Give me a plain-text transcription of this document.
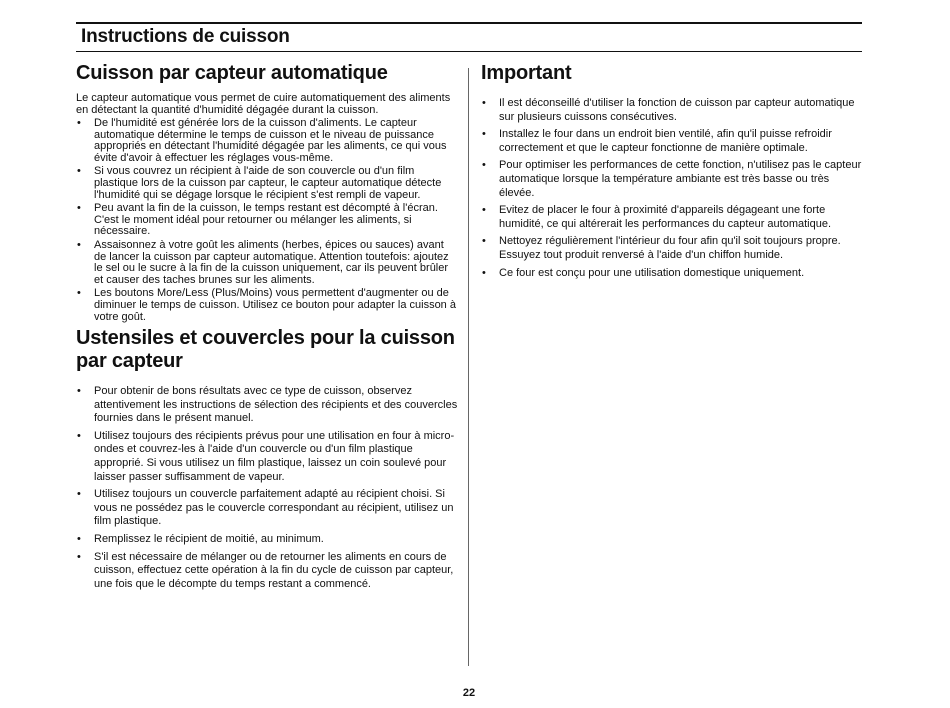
Instructions de cuisson
Cuisson par capteur automatique

Le capteur automatique vous permet de cuire automatiquement des aliments en détectant la quantité d'humidité dégagée durant la cuisson.

• De l'humidité est générée lors de la cuisson d'aliments. Le capteur automatique détermine le temps de cuisson et le niveau de puissance appropriés en détectant l'humidité dégagée par les aliments, ce qui vous évite d'avoir à effectuer les réglages vous-même.
• Si vous couvrez un récipient à l'aide de son couvercle ou d'un film plastique lors de la cuisson par capteur, le capteur automatique détecte l'humidité qui se dégage lorsque le récipient s'est rempli de vapeur.
• Peu avant la fin de la cuisson, le temps restant est décompté à l'écran. C'est le moment idéal pour retourner ou mélanger les aliments, si nécessaire.
• Assaisonnez à votre goût les aliments (herbes, épices ou sauces) avant de lancer la cuisson par capteur automatique. Attention toutefois: ajoutez le sel ou le sucre à la fin de la cuisson uniquement, car ils peuvent brûler et causer des taches brunes sur les aliments.
• Les boutons More/Less (Plus/Moins) vous permettent d'augmenter ou de diminuer le temps de cuisson. Utilisez ce bouton pour adapter la cuisson à votre goût.
Ustensiles et couvercles pour la cuisson par capteur
• Pour obtenir de bons résultats avec ce type de cuisson, observez attentivement les instructions de sélection des récipients et des couvercles fournies dans le présent manuel.
• Utilisez toujours des récipients prévus pour une utilisation en four à micro-ondes et couvrez-les à l'aide d'un couvercle ou d'un film plastique approprié. Si vous utilisez un film plastique, laissez un coin soulevé pour laisser passer suffisamment de vapeur.
• Utilisez toujours un couvercle parfaitement adapté au récipient choisi. Si vous ne possédez pas le couvercle correspondant au récipient, utilisez un film plastique.
• Remplissez le récipient de moitié, au minimum.
• S'il est nécessaire de mélanger ou de retourner les aliments en cours de cuisson, effectuez cette opération à la fin du cycle de cuisson par capteur, une fois que le décompte du temps restant a commencé.
Important
• Il est déconseillé d'utiliser la fonction de cuisson par capteur automatique sur plusieurs cuissons consécutives.
• Installez le four dans un endroit bien ventilé, afin qu'il puisse refroidir correctement et que le capteur fonctionne de manière optimale.
• Pour optimiser les performances de cette fonction, n'utilisez pas le capteur automatique lorsque la température ambiante est très basse ou très élevée.
• Evitez de placer le four à proximité d'appareils dégageant une forte humidité, ce qui altérerait les performances du capteur automatique.
• Nettoyez régulièrement l'intérieur du four afin qu'il soit toujours propre. Essuyez tout produit renversé à l'aide d'un chiffon humide.
• Ce four est conçu pour une utilisation domestique uniquement.
22
